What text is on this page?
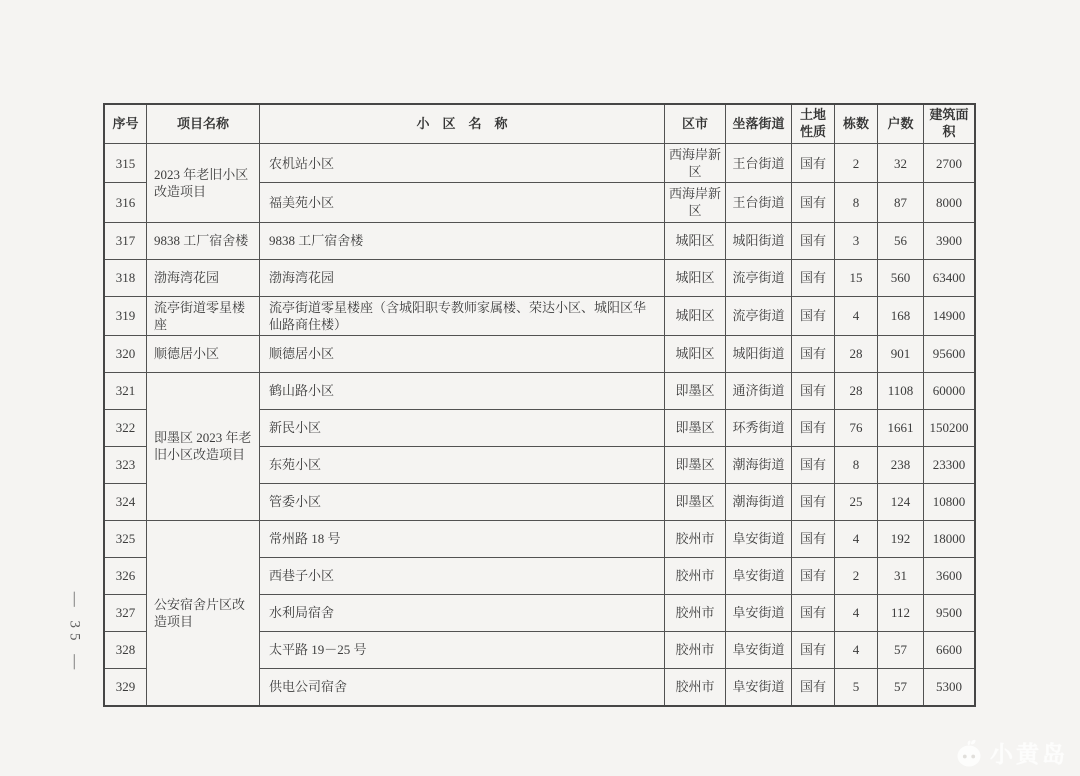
— 35 —
序号	项目名称	小　区　名　称	区市	坐落街道	土地性质	栋数	户数	建筑面积
315	2023 年老旧小区改造项目	农机站小区	西海岸新区	王台街道	国有	2	32	2700
316		福美苑小区	西海岸新区	王台街道	国有	8	87	8000
317	9838 工厂宿舍楼	9838 工厂宿舍楼	城阳区	城阳街道	国有	3	56	3900
318	渤海湾花园	渤海湾花园	城阳区	流亭街道	国有	15	560	63400
319	流亭街道零星楼座	流亭街道零星楼座（含城阳职专教师家属楼、荣达小区、城阳区华仙路商住楼）	城阳区	流亭街道	国有	4	168	14900
320	顺德居小区	顺德居小区	城阳区	城阳街道	国有	28	901	95600
321	即墨区 2023 年老旧小区改造项目	鹤山路小区	即墨区	通济街道	国有	28	1108	60000
322		新民小区	即墨区	环秀街道	国有	76	1661	150200
323		东苑小区	即墨区	潮海街道	国有	8	238	23300
324		管委小区	即墨区	潮海街道	国有	25	124	10800
325	公安宿舍片区改造项目	常州路 18 号	胶州市	阜安街道	国有	4	192	18000
326		西巷子小区	胶州市	阜安街道	国有	2	31	3600
327		水利局宿舍	胶州市	阜安街道	国有	4	112	9500
328		太平路 19－25 号	胶州市	阜安街道	国有	4	57	6600
329		供电公司宿舍	胶州市	阜安街道	国有	5	57	5300
小黄岛
